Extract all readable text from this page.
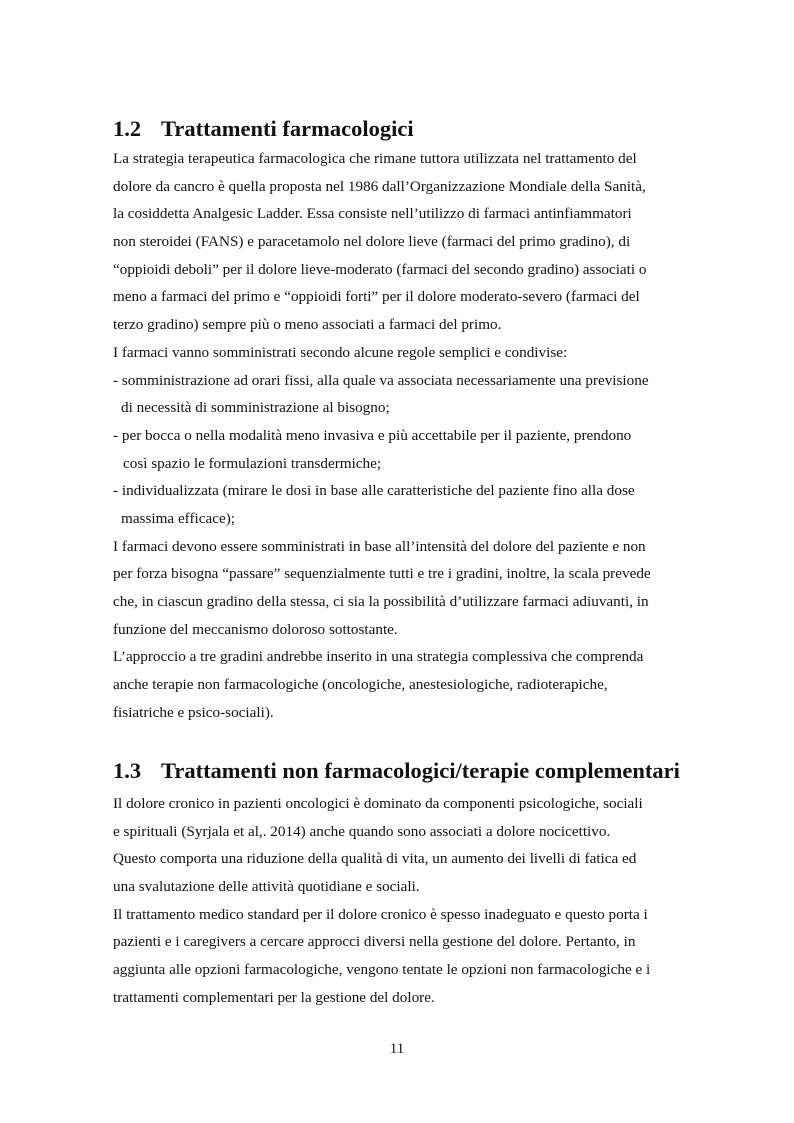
1.2 Trattamenti farmacologici
La strategia terapeutica farmacologica che rimane tuttora utilizzata nel trattamento del
dolore da cancro è quella proposta nel 1986 dall’Organizzazione Mondiale della Sanità,
la cosiddetta Analgesic Ladder. Essa consiste nell’utilizzo di farmaci antinfiammatori
non steroidei (FANS) e paracetamolo nel dolore lieve (farmaci del primo gradino), di
“oppioidi deboli” per il dolore lieve-moderato (farmaci del secondo gradino) associati o
meno a farmaci del primo e “oppioidi forti” per il dolore moderato-severo (farmaci del
terzo gradino) sempre più o meno associati a farmaci del primo.
I farmaci vanno somministrati secondo alcune regole semplici e condivise:
- somministrazione ad orari fissi, alla quale va associata necessariamente una previsione
di necessità di somministrazione al bisogno;
- per bocca o nella modalità meno invasiva e più accettabile per il paziente, prendono
così spazio le formulazioni transdermiche;
- individualizzata (mirare le dosi in base alle caratteristiche del paziente fino alla dose
massima efficace);
I farmaci devono essere somministrati in base all’intensità del dolore del paziente e non
per forza bisogna “passare” sequenzialmente tutti e tre i gradini, inoltre, la scala prevede
che, in ciascun gradino della stessa, ci sia la possibilità d’utilizzare farmaci adiuvanti, in
funzione del meccanismo doloroso sottostante.
L’approccio a tre gradini andrebbe inserito in una strategia complessiva che comprenda
anche terapie non farmacologiche (oncologiche, anestesiologiche, radioterapiche,
fisiatriche e psico-sociali).
1.3 Trattamenti non farmacologici/terapie complementari
Il dolore cronico in pazienti oncologici è dominato da componenti psicologiche, sociali
e spirituali (Syrjala et al,. 2014) anche quando sono associati a dolore nocicettivo.
Questo comporta una riduzione della qualità di vita, un aumento dei livelli di fatica ed
una svalutazione delle attività quotidiane e sociali.
Il trattamento medico standard per il dolore cronico è spesso inadeguato e questo porta i
pazienti e i caregivers a cercare approcci diversi nella gestione del dolore. Pertanto, in
aggiunta alle opzioni farmacologiche, vengono tentate le opzioni non farmacologiche e i
trattamenti complementari per la gestione del dolore.
11
